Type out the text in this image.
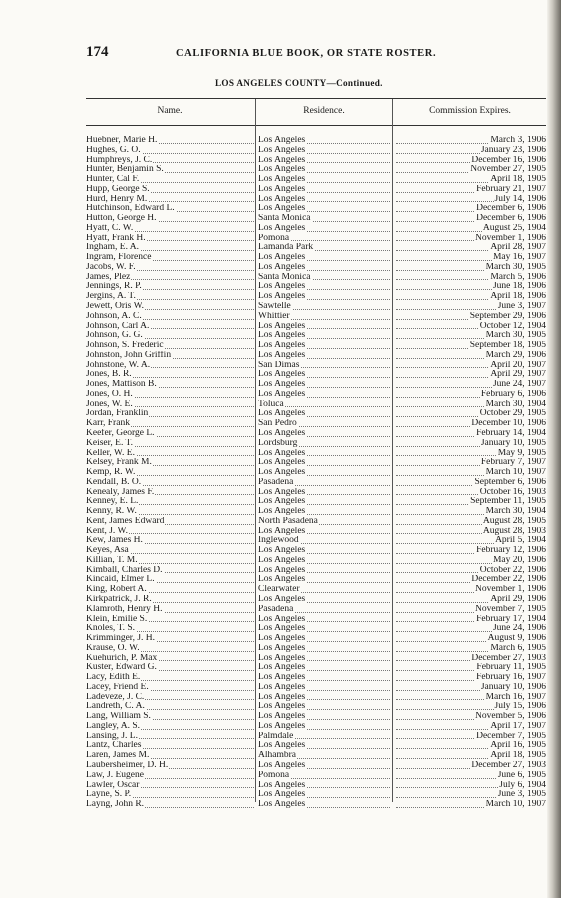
174	CALIFORNIA BLUE BOOK, OR STATE ROSTER.
LOS ANGELES COUNTY—Continued.
Name.	Residence.	Commission Expires.
Huebner, Marie H.	Los Angeles	March 3, 1906
Hughes, G. O.	Los Angeles	January 23, 1906
Humphreys, J. C.	Los Angeles	December 16, 1906
Hunter, Benjamin S.	Los Angeles	November 27, 1905
Hunter, Cal F.	Los Angeles	April 18, 1905
Hupp, George S.	Los Angeles	February 21, 1907
Hurd, Henry M.	Los Angeles	July 14, 1906
Hutchinson, Edward L.	Los Angeles	December 6, 1906
Hutton, George H.	Santa Monica	December 6, 1906
Hyatt, C. W.	Los Angeles	August 25, 1904
Hyatt, Frank H.	Pomona	November 1, 1906
Ingham, E. A.	Lamanda Park	April 28, 1907
Ingram, Florence	Los Angeles	May 16, 1907
Jacobs, W. F.	Los Angeles	March 30, 1905
James, Plez	Santa Monica	March 5, 1906
Jennings, R. P.	Los Angeles	June 18, 1906
Jergins, A. T.	Los Angeles	April 18, 1906
Jewett, Oris W.	Sawtelle	June 3, 1907
Johnson, A. C.	Whittier	September 29, 1906
Johnson, Carl A.	Los Angeles	October 12, 1904
Johnson, G. G.	Los Angeles	March 30, 1905
Johnson, S. Frederic	Los Angeles	September 18, 1905
Johnston, John Griffin	Los Angeles	March 29, 1906
Johnstone, W. A.	San Dimas	April 20, 1907
Jones, B. R.	Los Angeles	April 29, 1907
Jones, Mattison B.	Los Angeles	June 24, 1907
Jones, O. H.	Los Angeles	February 6, 1906
Jones, W. E.	Toluca	March 30, 1904
Jordan, Franklin	Los Angeles	October 29, 1905
Karr, Frank	San Pedro	December 10, 1906
Keefer, George L.	Los Angeles	February 14, 1904
Keiser, E. T.	Lordsburg	January 10, 1905
Keller, W. E.	Los Angeles	May 9, 1905
Kelsey, Frank M.	Los Angeles	February 7, 1907
Kemp, R. W.	Los Angeles	March 10, 1907
Kendall, B. O.	Pasadena	September 6, 1906
Kenealy, James F.	Los Angeles	October 16, 1903
Kenney, E. L.	Los Angeles	September 11, 1905
Kenny, R. W.	Los Angeles	March 30, 1904
Kent, James Edward	North Pasadena	August 28, 1905
Kent, J. W.	Los Angeles	August 28, 1903
Kew, James H.	Inglewood	April 5, 1904
Keyes, Asa	Los Angeles	February 12, 1906
Killian, T. M.	Los Angeles	May 20, 1906
Kimball, Charles D.	Los Angeles	October 22, 1906
Kincaid, Elmer L.	Los Angeles	December 22, 1906
King, Robert A.	Clearwater	November 1, 1906
Kirkpatrick, J. R.	Los Angeles	April 29, 1906
Klamroth, Henry H.	Pasadena	November 7, 1905
Klein, Emilie S.	Los Angeles	February 17, 1904
Knoles, T. S.	Los Angeles	June 24, 1906
Krimminger, J. H.	Los Angeles	August 9, 1906
Krause, O. W.	Los Angeles	March 6, 1905
Kuehurich, P. Max	Los Angeles	December 27, 1903
Kuster, Edward G.	Los Angeles	February 11, 1905
Lacy, Edith E.	Los Angeles	February 16, 1907
Lacey, Friend E.	Los Angeles	January 10, 1906
Ladeveze, J. C.	Los Angeles	March 16, 1907
Landreth, C. A.	Los Angeles	July 15, 1906
Lang, William S.	Los Angeles	November 5, 1906
Langley, A. S.	Los Angeles	April 17, 1907
Lansing, J. L.	Palmdale	December 7, 1905
Lantz, Charles	Los Angeles	April 16, 1905
Laren, James M.	Alhambra	April 18, 1905
Laubersheimer, D. H.	Los Angeles	December 27, 1903
Law, J. Eugene	Pomona	June 6, 1905
Lawler, Oscar	Los Angeles	July 6, 1904
Layne, S. P.	Los Angeles	June 3, 1905
Layng, John R.	Los Angeles	March 10, 1907
